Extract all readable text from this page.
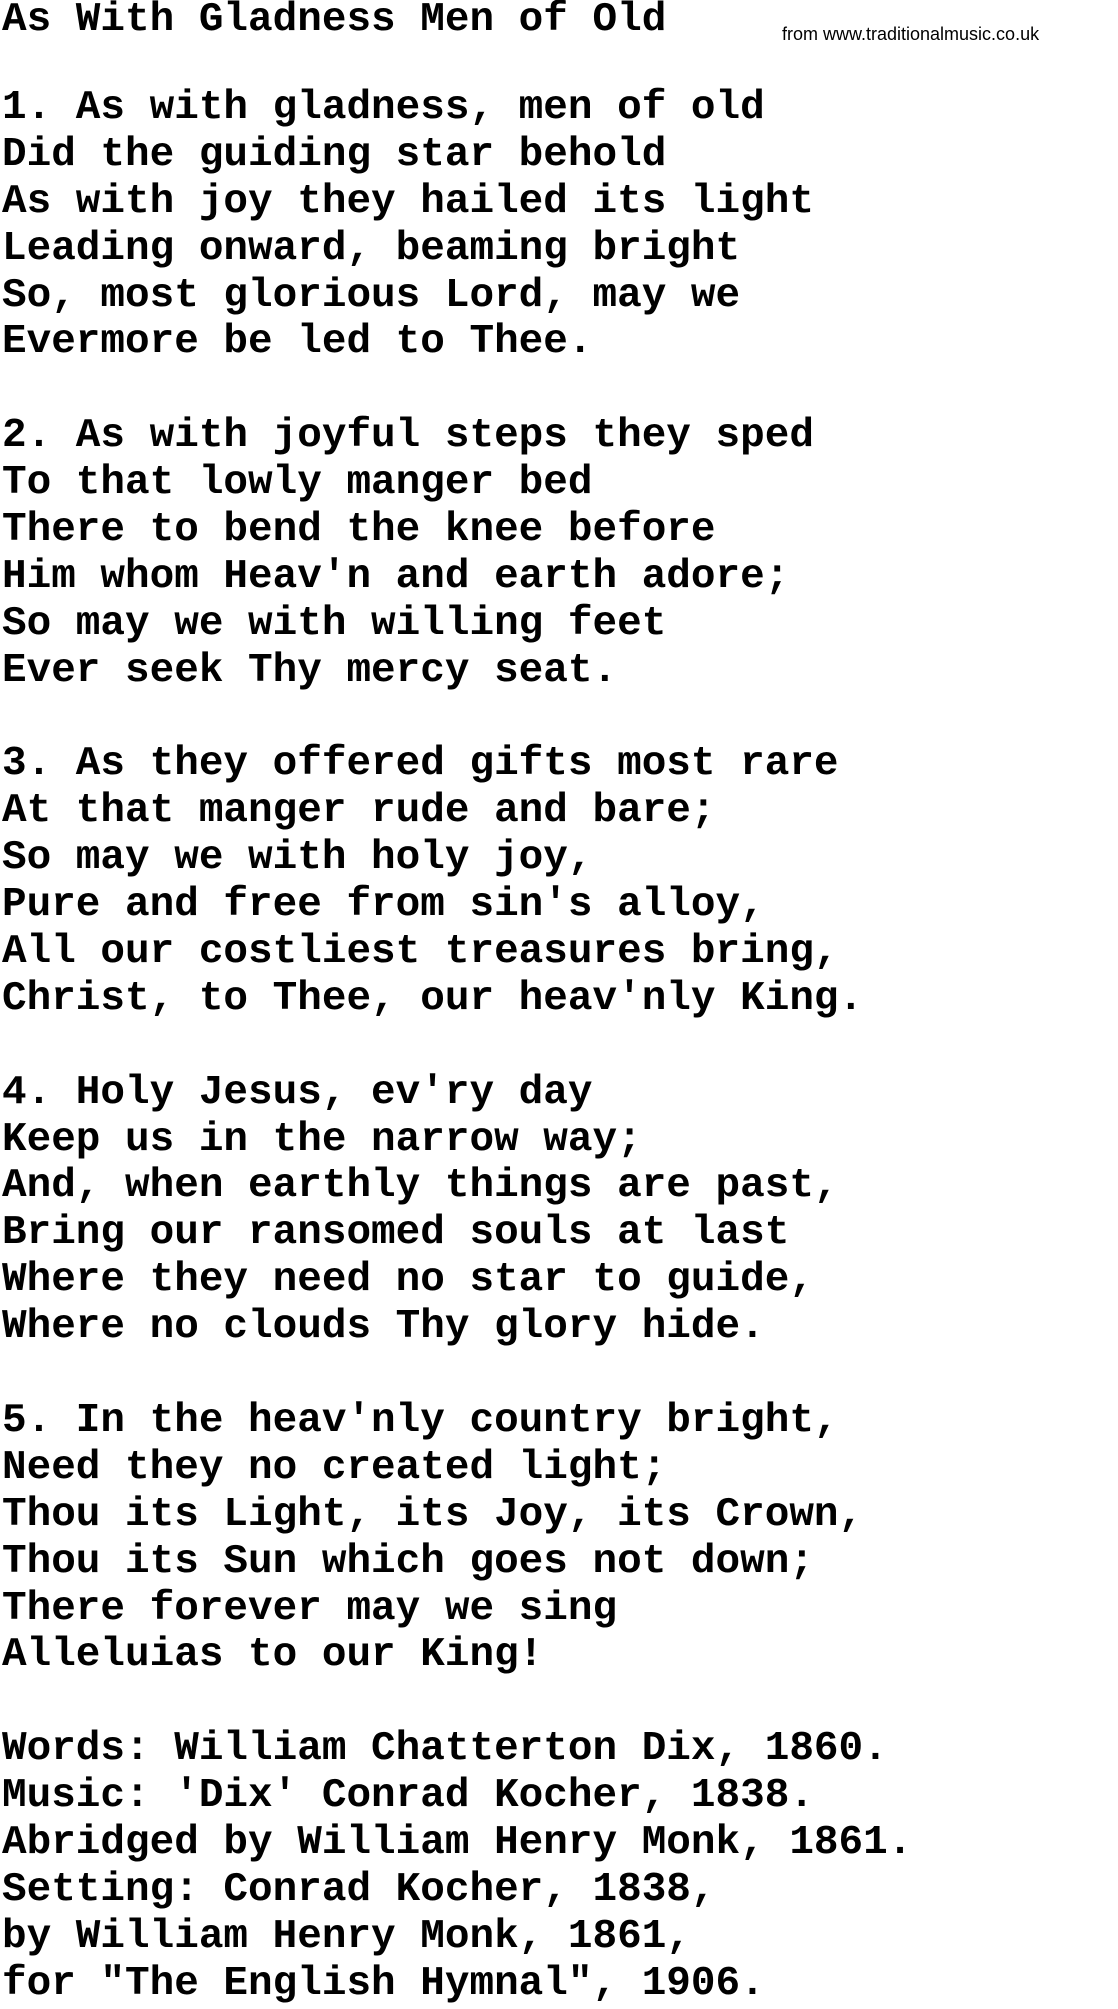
As With Gladness Men of Old	from www.traditionalmusic.co.uk
1. As with gladness, men of old
Did the guiding star behold
As with joy they hailed its light
Leading onward, beaming bright
So, most glorious Lord, may we
Evermore be led to Thee.
2. As with joyful steps they sped
To that lowly manger bed
There to bend the knee before
Him whom Heav'n and earth adore;
So may we with willing feet
Ever seek Thy mercy seat.
3. As they offered gifts most rare
At that manger rude and bare;
So may we with holy joy,
Pure and free from sin's alloy,
All our costliest treasures bring,
Christ, to Thee, our heav'nly King.
4. Holy Jesus, ev'ry day
Keep us in the narrow way;
And, when earthly things are past,
Bring our ransomed souls at last
Where they need no star to guide,
Where no clouds Thy glory hide.
5. In the heav'nly country bright,
Need they no created light;
Thou its Light, its Joy, its Crown,
Thou its Sun which goes not down;
There forever may we sing
Alleluias to our King!
Words: William Chatterton Dix, 1860.
Music: 'Dix' Conrad Kocher, 1838.
Abridged by William Henry Monk, 1861.
Setting: Conrad Kocher, 1838,
by William Henry Monk, 1861,
for "The English Hymnal", 1906.
